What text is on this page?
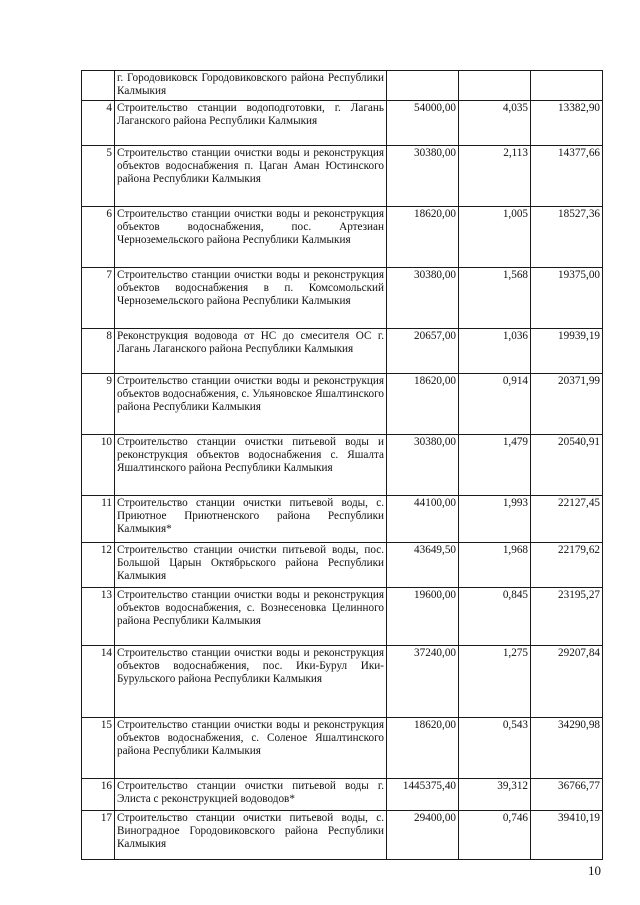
	г. Городовиковск Городовиковского района Республики Калмыкия			
4	Строительство станции водоподготовки, г. Лагань Лаганского района Республики Калмыкия	54000,00	4,035	13382,90
5	Строительство станции очистки воды и реконструкция объектов водоснабжения п. Цаган Аман Юстинского района Республики Калмыкия	30380,00	2,113	14377,66
6	Строительство станции очистки воды и реконструкция объектов водоснабжения, пос. Артезиан Черноземельского района Республики Калмыкия	18620,00	1,005	18527,36
7	Строительство станции очистки воды и реконструкция объектов водоснабжения в п. Комсомольский Черноземельского района Республики Калмыкия	30380,00	1,568	19375,00
8	Реконструкция водовода от НС до смесителя ОС г. Лагань Лаганского района Республики Калмыкия	20657,00	1,036	19939,19
9	Строительство станции очистки воды и реконструкция объектов водоснабжения, с. Ульяновское Яшалтинского района Республики Калмыкия	18620,00	0,914	20371,99
10	Строительство станции очистки питьевой воды и реконструкция объектов водоснабжения с. Яшалта Яшалтинского района Республики Калмыкия	30380,00	1,479	20540,91
11	Строительство станции очистки питьевой воды, с. Приютное Приютненского района Республики Калмыкия*	44100,00	1,993	22127,45
12	Строительство станции очистки питьевой воды, пос. Большой Царын Октябрьского района Республики Калмыкия	43649,50	1,968	22179,62
13	Строительство станции очистки воды и реконструкция объектов водоснабжения, с. Вознесеновка Целинного района Республики Калмыкия	19600,00	0,845	23195,27
14	Строительство станции очистки воды и реконструкция объектов водоснабжения, пос. Ики-Бурул Ики-Бурульского района Республики Калмыкия	37240,00	1,275	29207,84
15	Строительство станции очистки воды и реконструкция объектов водоснабжения, с. Соленое Яшалтинского района Республики Калмыкия	18620,00	0,543	34290,98
16	Строительство станции очистки питьевой воды г. Элиста с реконструкцией водоводов*	1445375,40	39,312	36766,77
17	Строительство станции очистки питьевой воды, с. Виноградное Городовиковского района Республики Калмыкия	29400,00	0,746	39410,19
10
